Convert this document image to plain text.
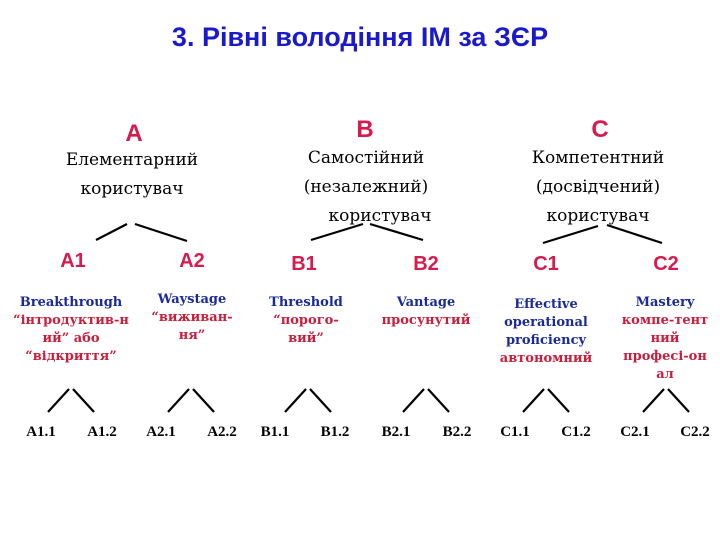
3. Рівні володіння ІМ за ЗЄР
A
Елементарний
користувач
B
Самостійний
(незалежний)
користувач
C
Компетентний
(досвідчений)
користувач
A1	A2	B1	B2	C1	C2
Breakthrough
“інтродуктив-н
ий” або
“відкриття”
Waystage
“виживан-
ня”
Threshold
“порого-
вий”
Vantage
просунутий
Effective
operational
proficiency
автономний
Mastery
компе-тент
ний
професі-он
ал
A1.1	A1.2	A2.1	A2.2	B1.1	B1.2	B2.1	B2.2	C1.1	C1.2	C2.1	C2.2
